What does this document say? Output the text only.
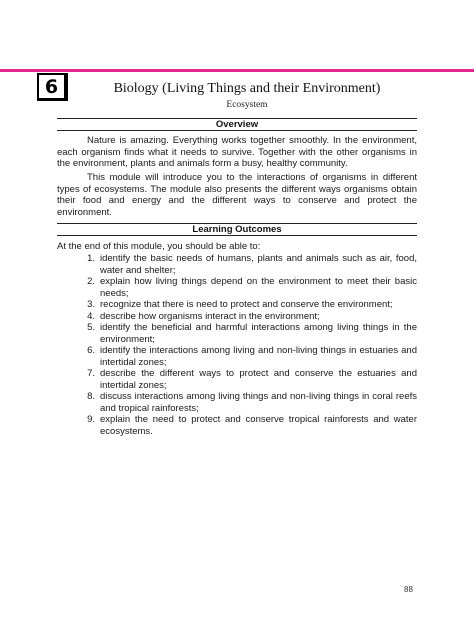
6	Biology (Living Things and their Environment)
Ecosystem
Overview
Nature is amazing. Everything works together smoothly. In the environment, each organism finds what it needs to survive. Together with the other organisms in the environment, plants and animals form a busy, healthy community.
This module will introduce you to the interactions of organisms in different types of ecosystems. The module also presents the different ways organisms obtain their food and energy and the different ways to conserve and protect the environment.
Learning Outcomes
At the end of this module, you should be able to:
1. identify the basic needs of humans, plants and animals such as air, food, water and shelter;
2. explain how living things depend on the environment to meet their basic needs;
3. recognize that there is need to protect and conserve the environment;
4. describe how organisms interact in the environment;
5. identify the beneficial and harmful interactions among living things in the environment;
6. identify the interactions among living and non-living things in estuaries and intertidal zones;
7. describe the different ways to protect and conserve the estuaries and intertidal zones;
8. discuss interactions among living things and non-living things in coral reefs and tropical rainforests;
9. explain the need to protect and conserve tropical rainforests and water ecosystems.
88
